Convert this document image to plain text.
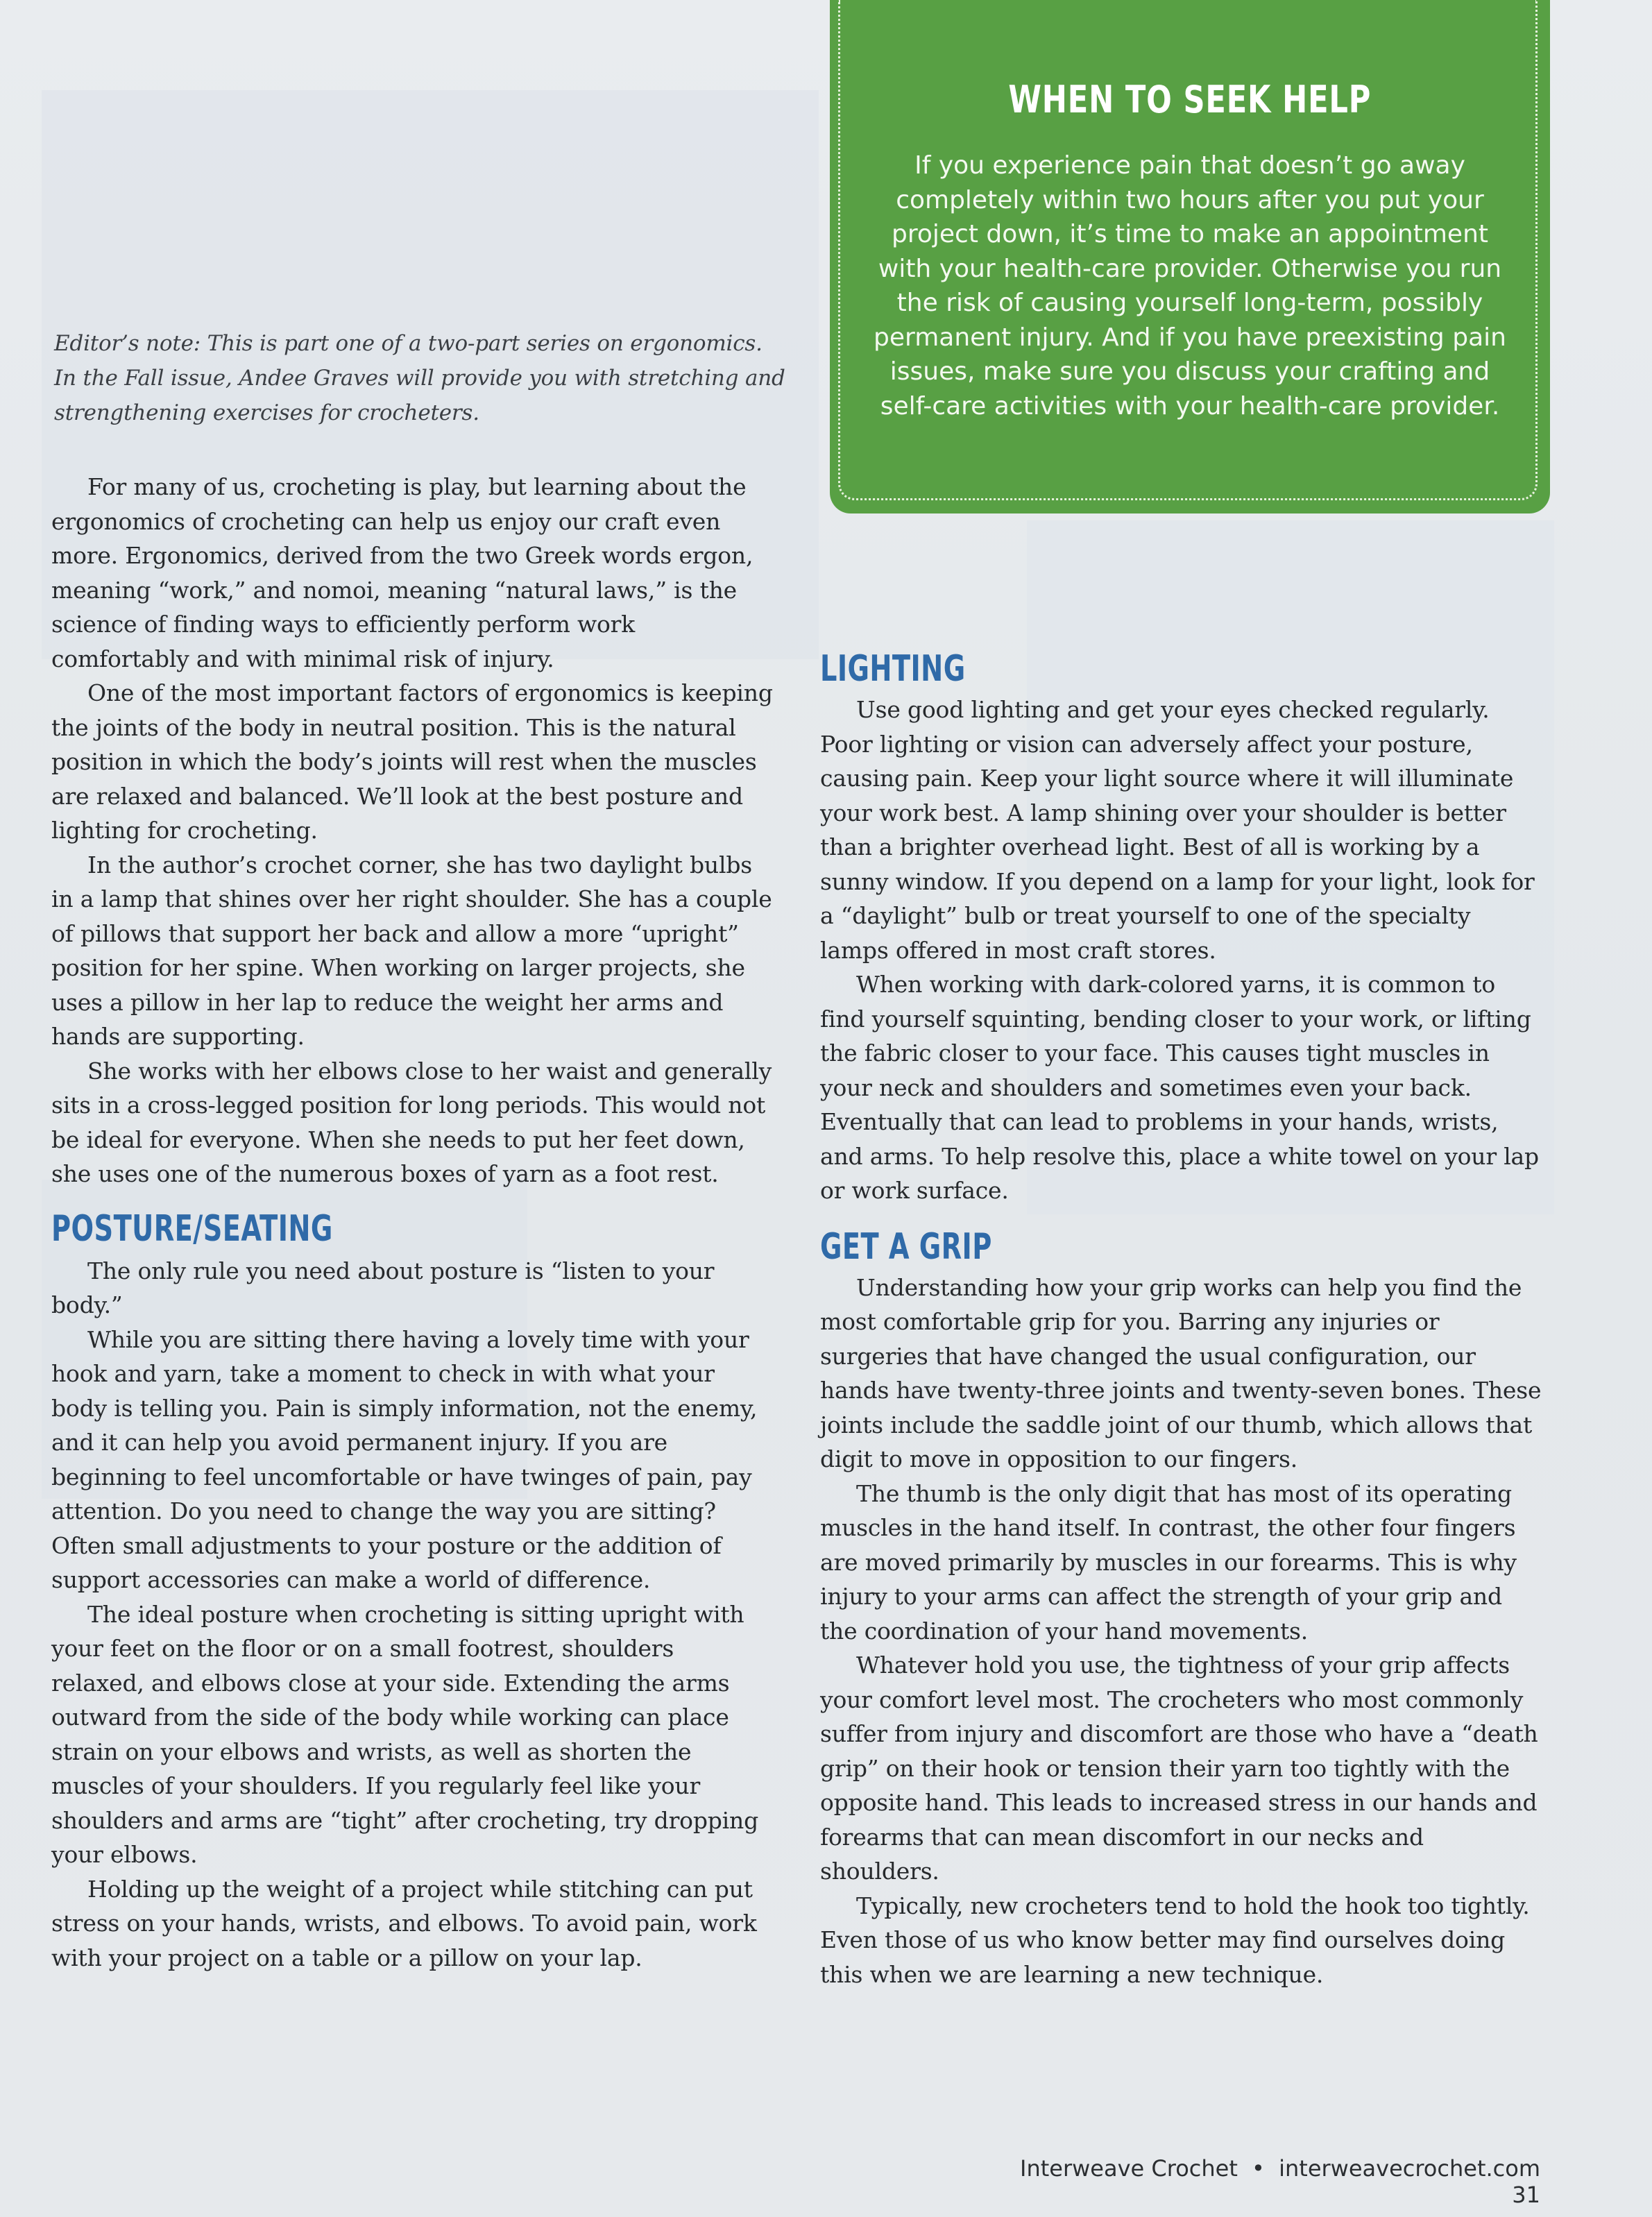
WHEN TO SEEK HELP
If you experience pain that doesn’t go away completely within two hours after you put your project down, it’s time to make an appointment with your health-care provider. Otherwise you run the risk of causing yourself long-term, possibly permanent injury. And if you have preexisting pain issues, make sure you discuss your crafting and self-care activities with your health-care provider.

Editor’s note: This is part one of a two-part series on ergonomics. In the Fall issue, Andee Graves will provide you with stretching and strengthening exercises for crocheters.

For many of us, crocheting is play, but learning about the ergonomics of crocheting can help us enjoy our craft even more. Ergonomics, derived from the two Greek words ergon, meaning “work,” and nomoi, meaning “natural laws,” is the science of finding ways to efficiently perform work comfortably and with minimal risk of injury.

One of the most important factors of ergonomics is keeping the joints of the body in neutral position. This is the natural position in which the body’s joints will rest when the muscles are relaxed and balanced. We’ll look at the best posture and lighting for crocheting.

In the author’s crochet corner, she has two daylight bulbs in a lamp that shines over her right shoulder. She has a couple of pillows that support her back and allow a more “upright” position for her spine. When working on larger projects, she uses a pillow in her lap to reduce the weight her arms and hands are supporting.

She works with her elbows close to her waist and generally sits in a cross-legged position for long periods. This would not be ideal for everyone. When she needs to put her feet down, she uses one of the numerous boxes of yarn as a foot rest.

POSTURE/SEATING

The only rule you need about posture is “listen to your body.”

While you are sitting there having a lovely time with your hook and yarn, take a moment to check in with what your body is telling you. Pain is simply information, not the enemy, and it can help you avoid permanent injury. If you are beginning to feel uncomfortable or have twinges of pain, pay attention. Do you need to change the way you are sitting? Often small adjustments to your posture or the addition of support accessories can make a world of difference.

The ideal posture when crocheting is sitting upright with your feet on the floor or on a small footrest, shoulders relaxed, and elbows close at your side. Extending the arms outward from the side of the body while working can place strain on your elbows and wrists, as well as shorten the muscles of your shoulders. If you regularly feel like your shoulders and arms are “tight” after crocheting, try dropping your elbows.

Holding up the weight of a project while stitching can put stress on your hands, wrists, and elbows. To avoid pain, work with your project on a table or a pillow on your lap.

LIGHTING

Use good lighting and get your eyes checked regularly. Poor lighting or vision can adversely affect your posture, causing pain. Keep your light source where it will illuminate your work best. A lamp shining over your shoulder is better than a brighter overhead light. Best of all is working by a sunny window. If you depend on a lamp for your light, look for a “daylight” bulb or treat yourself to one of the specialty lamps offered in most craft stores.

When working with dark-colored yarns, it is common to find yourself squinting, bending closer to your work, or lifting the fabric closer to your face. This causes tight muscles in your neck and shoulders and sometimes even your back. Eventually that can lead to problems in your hands, wrists, and arms. To help resolve this, place a white towel on your lap or work surface.

GET A GRIP

Understanding how your grip works can help you find the most comfortable grip for you. Barring any injuries or surgeries that have changed the usual configuration, our hands have twenty-three joints and twenty-seven bones. These joints include the saddle joint of our thumb, which allows that digit to move in opposition to our fingers.

The thumb is the only digit that has most of its operating muscles in the hand itself. In contrast, the other four fingers are moved primarily by muscles in our forearms. This is why injury to your arms can affect the strength of your grip and the coordination of your hand movements.

Whatever hold you use, the tightness of your grip affects your comfort level most. The crocheters who most commonly suffer from injury and discomfort are those who have a “death grip” on their hook or tension their yarn too tightly with the opposite hand. This leads to increased stress in our hands and forearms that can mean discomfort in our necks and shoulders.

Typically, new crocheters tend to hold the hook too tightly. Even those of us who know better may find ourselves doing this when we are learning a new technique.

Interweave Crochet • interweavecrochet.com 31
